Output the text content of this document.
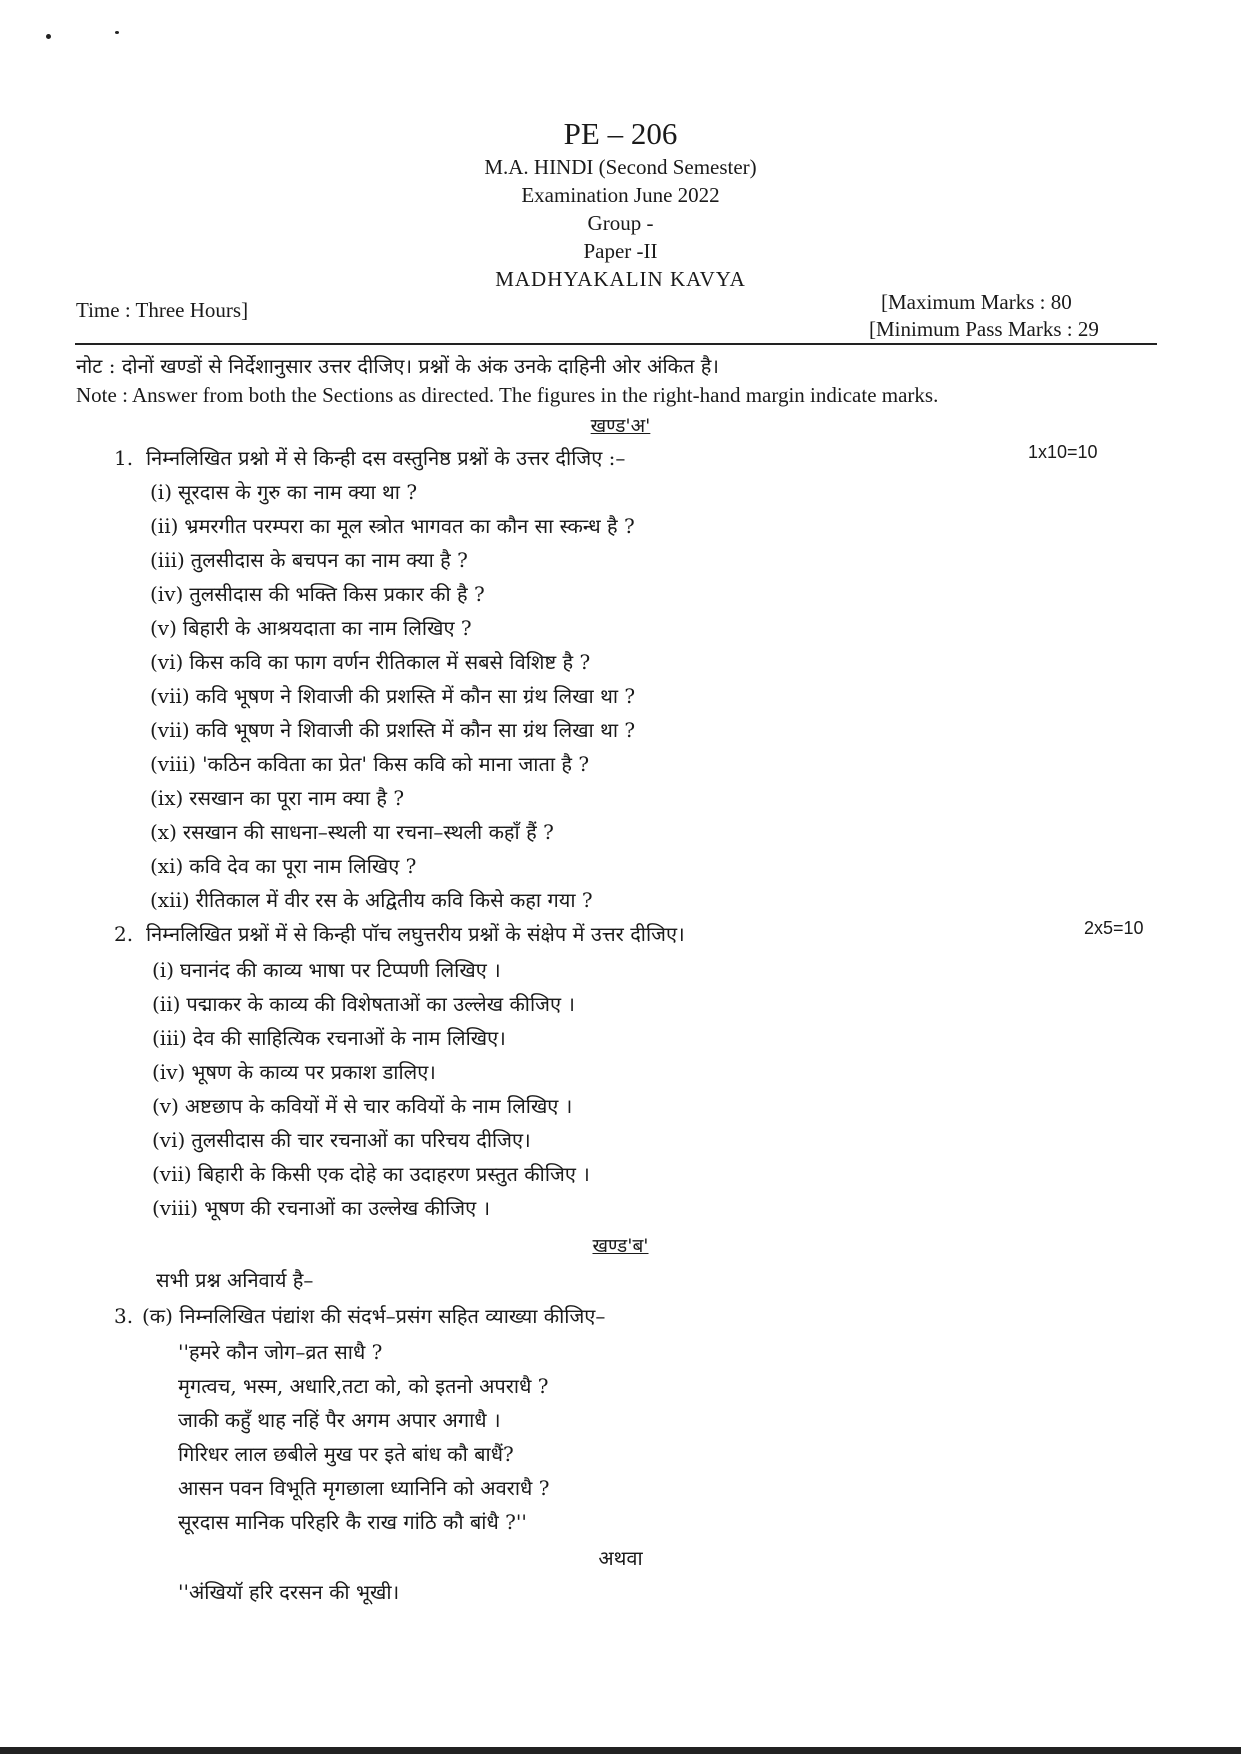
PE – 206
M.A. HINDI (Second Semester)
Examination June 2022
Group -
Paper -II
MADHYAKALIN KAVYA
Time : Three Hours]	[Maximum Marks : 80
[Minimum Pass Marks : 29
नोट : दोनों खण्डों से निर्देशानुसार उत्तर दीजिए। प्रश्नों के अंक उनके दाहिनी ओर अंकित है।
Note : Answer from both the Sections as directed. The figures in the right-hand margin indicate marks.
खण्ड'अ'
1. निम्नलिखित प्रश्नो में से किन्ही दस वस्तुनिष्ठ प्रश्नों के उत्तर दीजिए :–	1x10=10
(i) सूरदास के गुरु का नाम क्या था ?
(ii) भ्रमरगीत परम्परा का मूल स्त्रोत भागवत का कौन सा स्कन्ध है ?
(iii) तुलसीदास के बचपन का नाम क्या है ?
(iv) तुलसीदास की भक्ति किस प्रकार की है ?
(v) बिहारी के आश्रयदाता का नाम लिखिए ?
(vi) किस कवि का फाग वर्णन रीतिकाल में सबसे विशिष्ट है ?
(vii) कवि भूषण ने शिवाजी की प्रशस्ति में कौन सा ग्रंथ लिखा था ?
(vii) कवि भूषण ने शिवाजी की प्रशस्ति में कौन सा ग्रंथ लिखा था ?
(viii) 'कठिन कविता का प्रेत' किस कवि को माना जाता है ?
(ix) रसखान का पूरा नाम क्या है ?
(x) रसखान की साधना–स्थली या रचना–स्थली कहाँ हैं ?
(xi) कवि देव का पूरा नाम लिखिए ?
(xii) रीतिकाल में वीर रस के अद्वितीय कवि किसे कहा गया ?
2. निम्नलिखित प्रश्नों में से किन्ही पॉच लघुत्तरीय प्रश्नों के संक्षेप में उत्तर दीजिए।	2x5=10
(i) घनानंद की काव्य भाषा पर टिप्पणी लिखिए ।
(ii) पद्माकर के काव्य की विशेषताओं का उल्लेख कीजिए ।
(iii) देव की साहित्यिक रचनाओं के नाम लिखिए।
(iv) भूषण के काव्य पर प्रकाश डालिए।
(v) अष्टछाप के कवियों में से चार कवियों के नाम लिखिए ।
(vi) तुलसीदास की चार रचनाओं का परिचय दीजिए।
(vii) बिहारी के किसी एक दोहे का उदाहरण प्रस्तुत कीजिए ।
(viii) भूषण की रचनाओं का उल्लेख कीजिए ।
खण्ड'ब'
सभी प्रश्न अनिवार्य है–
3. (क) निम्नलिखित पंद्यांश की संदर्भ–प्रसंग सहित व्याख्या कीजिए–
''हमरे कौन जोग–व्रत साधै ?
मृगत्वच, भस्म, अधारि,तटा को, को इतनो अपराधै ?
जाकी कहुँ थाह नहिं पैर अगम अपार अगाधै ।
गिरिधर लाल छबीले मुख पर इते बांध कौ बाधैं?
आसन पवन विभूति मृगछाला ध्यानिनि को अवराधै ?
सूरदास मानिक परिहरि कै राख गांठि कौ बांधै ?''
अथवा
''अंखियॉ हरि दरसन की भूखी।
